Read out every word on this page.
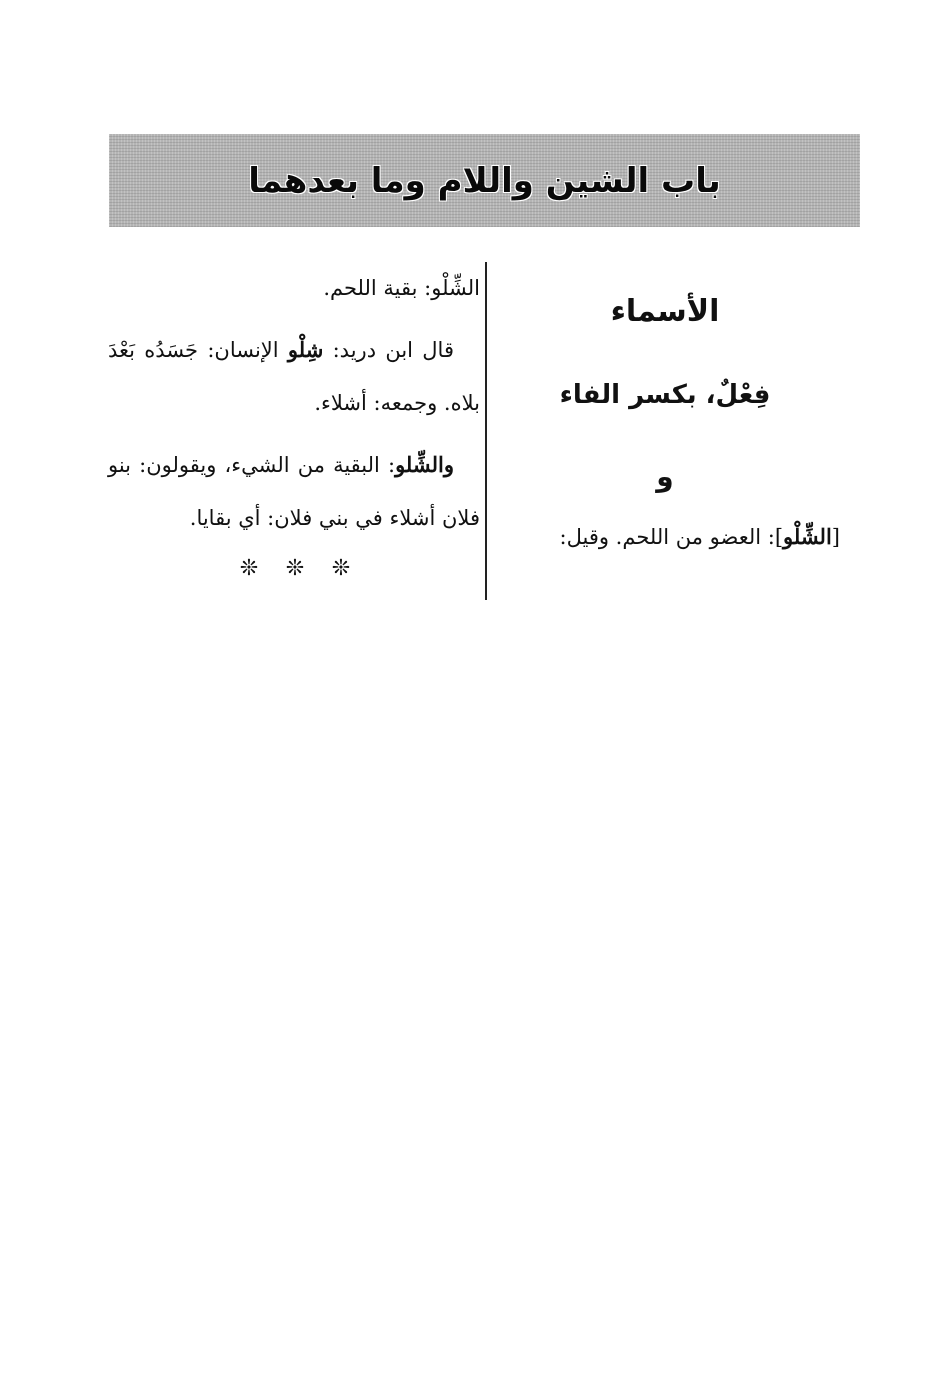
باب الشين واللام وما بعدهما
الأسماء
فِعْلٌ، بكسر الفاء
و
[الشِّلْو]: العضو من اللحم. وقيل:

الشِّلْو: بقية اللحم.

قال ابن دريد: شِلْو الإنسان: جَسَدُه بَعْدَ بلاه. وجمعه: أشلاء.

والشِّلو: البقية من الشيء، ويقولون: بنو فلان أشلاء في بني فلان: أي بقايا.

❊ ❊ ❊
